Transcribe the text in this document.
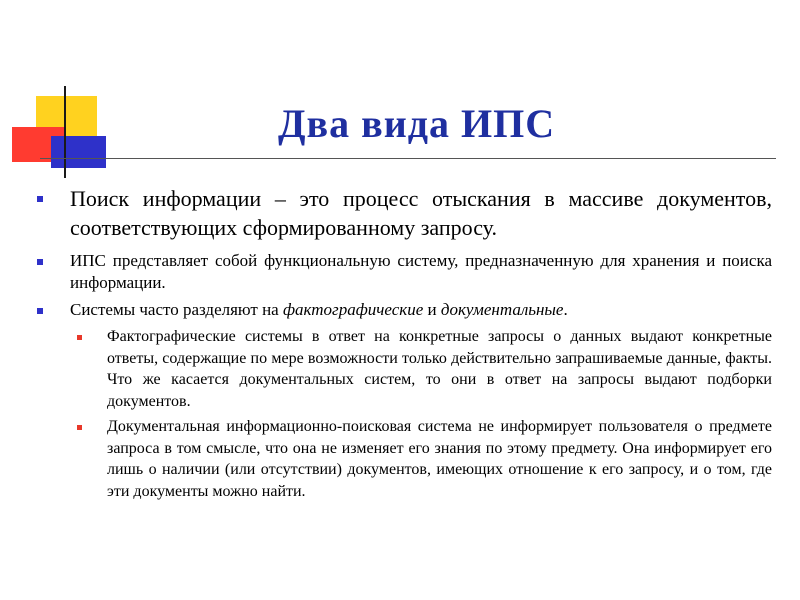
Два вида ИПС
Поиск информации – это процесс отыскания в массиве документов, соответствующих сформированному запросу.
ИПС представляет собой функциональную систему, предназначенную для хранения и поиска информации.
Системы часто разделяют на фактографические и документальные.
Фактографические системы в ответ на конкретные запросы о данных выдают конкретные ответы, содержащие по мере возможности только действительно запрашиваемые данные, факты. Что же касается документальных систем, то они в ответ на запросы выдают подборки документов.
Документальная информационно-поисковая система не информирует пользователя о предмете запроса в том смысле, что она не изменяет его знания по этому предмету. Она информирует его лишь о наличии (или отсутствии) документов, имеющих отношение к его запросу, и о том, где эти документы можно найти.
